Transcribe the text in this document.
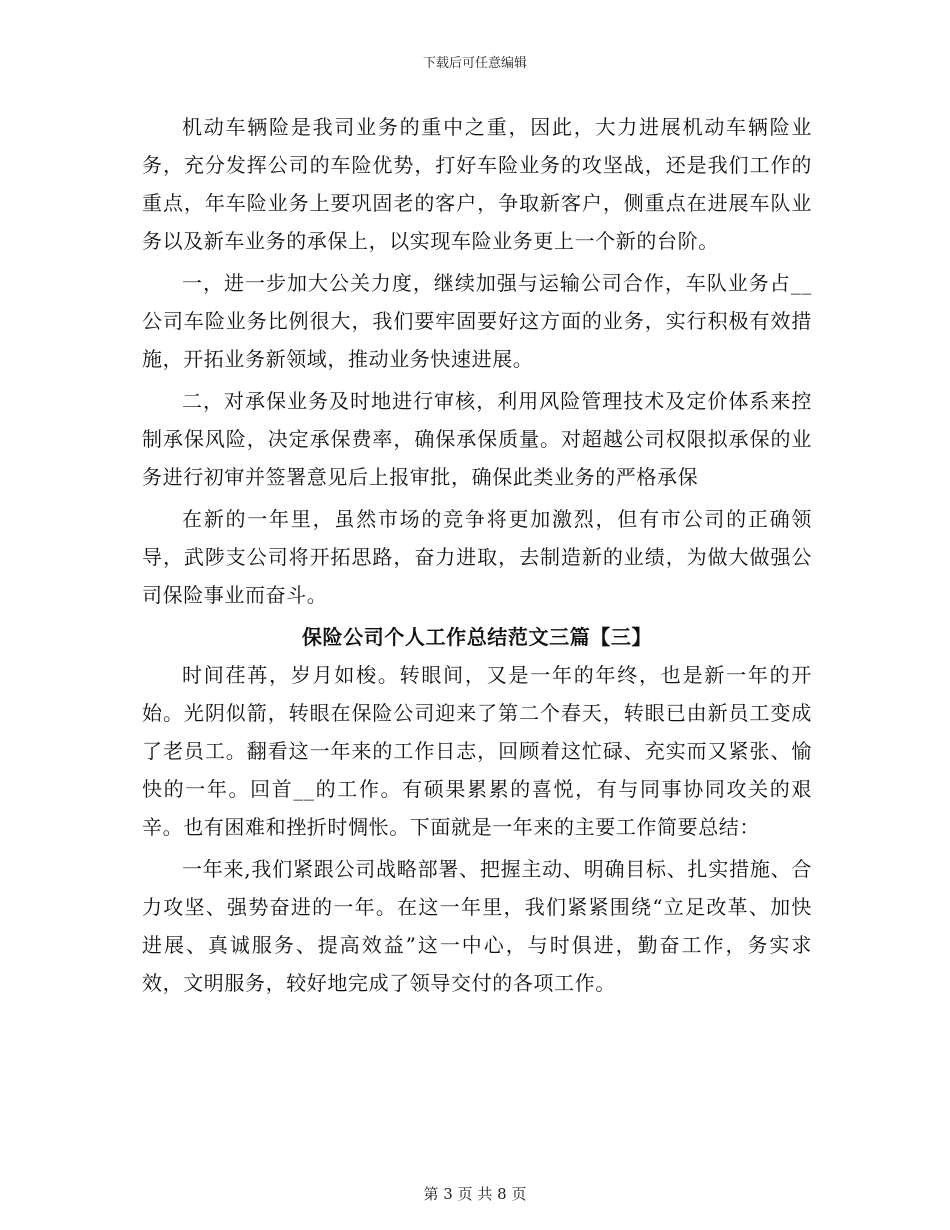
下载后可任意编辑

机动车辆险是我司业务的重中之重，因此，大力进展机动车辆险业务，充分发挥公司的车险优势，打好车险业务的攻坚战，还是我们工作的重点，年车险业务上要巩固老的客户，争取新客户，侧重点在进展车队业务以及新车业务的承保上，以实现车险业务更上一个新的台阶。

一，进一步加大公关力度，继续加强与运输公司合作，车队业务占__公司车险业务比例很大，我们要牢固要好这方面的业务，实行积极有效措施，开拓业务新领域，推动业务快速进展。

二，对承保业务及时地进行审核，利用风险管理技术及定价体系来控制承保风险，决定承保费率，确保承保质量。对超越公司权限拟承保的业务进行初审并签署意见后上报审批，确保此类业务的严格承保

在新的一年里，虽然市场的竞争将更加激烈，但有市公司的正确领导，武陟支公司将开拓思路，奋力进取，去制造新的业绩，为做大做强公司保险事业而奋斗。

保险公司个人工作总结范文三篇【三】

时间荏苒，岁月如梭。转眼间，又是一年的年终，也是新一年的开始。光阴似箭，转眼在保险公司迎来了第二个春天，转眼已由新员工变成了老员工。翻看这一年来的工作日志，回顾着这忙碌、充实而又紧张、愉快的一年。回首__的工作。有硕果累累的喜悦，有与同事协同攻关的艰辛。也有困难和挫折时惆怅。下面就是一年来的主要工作简要总结：

一年来,我们紧跟公司战略部署、把握主动、明确目标、扎实措施、合力攻坚、强势奋进的一年。在这一年里，我们紧紧围绕“立足改革、加快进展、真诚服务、提高效益”这一中心，与时俱进，勤奋工作，务实求效，文明服务，较好地完成了领导交付的各项工作。

第 3 页 共 8 页
